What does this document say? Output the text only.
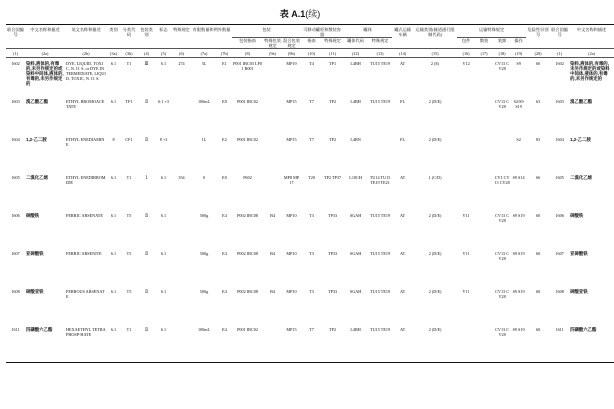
表 A.1(续)
联合国编号	中文名称和描述	英文名称和描述	类别	分类代码	包装类别	标志	特殊规定	有限数量和例外数量		包装			可移动罐柜和散装容器		罐体		罐式运输车辆	运输类别(隧道通行限制代码)	运输特殊规定				危险性识别号	联合国编号	中文名称和描述
										包装指南	特殊包装规定	混合包装规定	指南	特殊规定	罐体代码	特殊规定			包件	散装	装卸	操作			
(1)	(2a)	(2b)	(3a)	(3b)	(4)	(5)	(6)	(7a)	(7b)	(8)	(9a)	(9b)	(10)	(11)	(12)	(13)	(14)	(15)	(16)	(17)	(18)	(19)	(20)	(1)	(2a)
1602	染料,液体的,有毒的,未另作规定的或染料中间体,液体的,有毒的,未另作规定的	DYE, LIQUID, TOXIC, N. O. S. or DYE INTERMEDIATE, LIQUID, TOXIC, N. O. S.	6.1	T1	Ⅲ	6.1	274	5L	E1	P001 IBC03 LP01 R001		MP19	T4	TP1	L4BH	TU15 TE19	AT	2 (E)	V12		CV13 CV28	S9	60	1602	染料,液体的,有毒的,未另作规定的或染料中间体,液体的,有毒的,未另作规定的
1603	溴乙酸乙酯	ETHYL BROMOACETATE	6.1	TF1	Ⅱ	6.1 +3		100mL	E0	P001 IBC02		MP15	T7	TP2	L4BH	TU15 TE19	FL	2 (D/E)			CV13 CV28	S2/S9 S19	63	1603	溴乙酸乙酯
1604	1,2-乙二胺	ETHYL ENEDIAMINE	8	CF1	Ⅱ	8 +3		1L	E2	P001 IBC02		MP15	T7	TP2	L4BN		FL	2 (D/E)				S2	83	1604	1,2-乙二胺
1605	二溴化乙烯	ETHYL ENEDIBROMIDE	6.1	T1	Ⅰ	6.1	354	0	E0	P602		MP8 MP17	T20	TP2 TP37	L10CH	TU14 TU15 TE19 TE21	AT	1 (C/D)			CV1 CV13 CV28	S9 S14	66	1605	二溴化乙烯
1606	砷酸铁	FERRIC ARSENATE	6.1	T5	Ⅱ	6.1		500g	E4	P002 IBC08	B4	MP10	T3	TP33	SGAH	TU15 TE19	AT	2 (D/E)	V11		CV13 CV28	S9 S19	60	1606	砷酸铁
1607	亚砷酸铁	FERRIC ARSENITE	6.1	T5	Ⅱ	6.1		500g	E4	P002 IBC08	B4	MP10	T3	TP33	SGAH	TU15 TE19	AT	2 (D/E)	V11		CV13 CV28	S9 S19	60	1607	亚砷酸铁
1608	砷酸亚铁	FERROUS ARSENATE	6.1	T5	Ⅱ	6.1		500g	E4	P002 IBC08	B4	MP10	T3	TP33	SGAH	TU15 TE19	AT	2 (D/E)	V11		CV13 CV28	S9 S19	60	1608	砷酸亚铁
1611	四磷酸六乙酯	HEXAETHYL TETRAPHOSP-HATE	6.1	T1	Ⅱ	6.1		100mL	E4	P001 IBC02		MP15	T7	TP2	L4BH	TU15 TE19	AT	2 (D/E)			CV13 CV28	S9 S19	60	1611	四磷酸六乙酯
